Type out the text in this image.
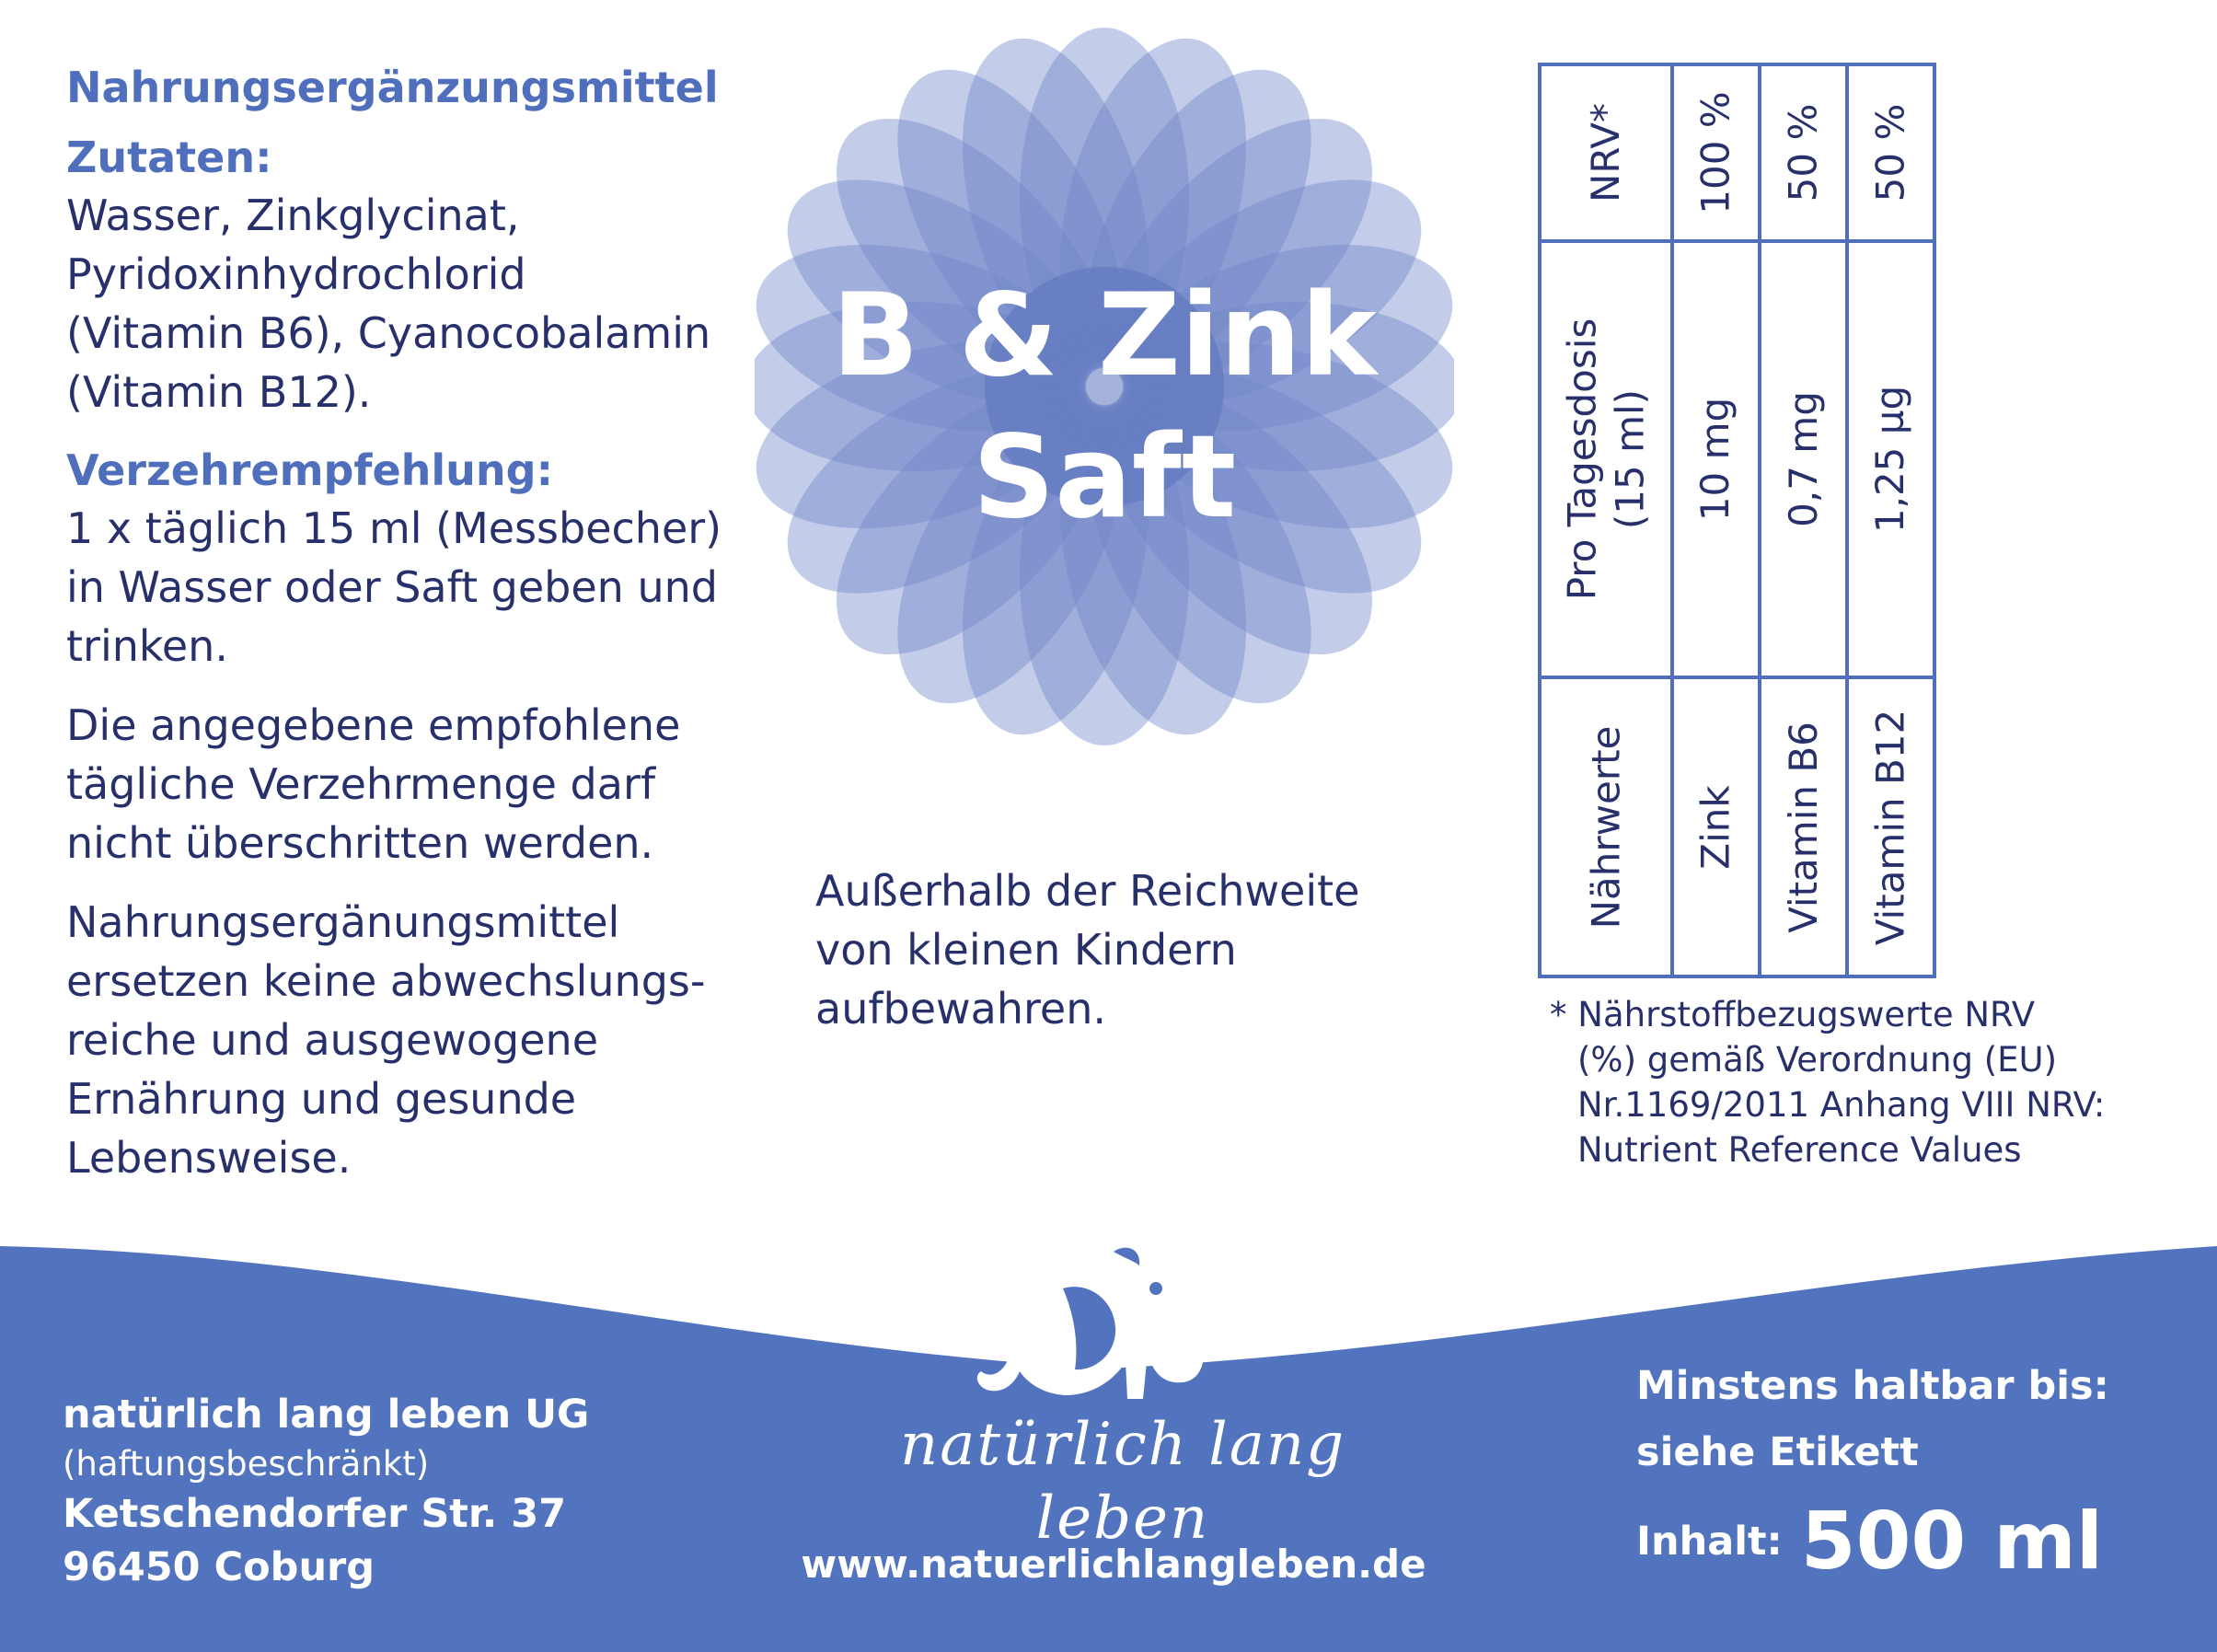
Nahrungsergänzungsmittel
Zutaten:
Wasser, Zinkglycinat,
Pyridoxinhydrochlorid
(Vitamin B6), Cyanocobalamin
(Vitamin B12).
Verzehrempfehlung:
1 x täglich 15 ml (Messbecher)
in Wasser oder Saft geben und
trinken.
Die angegebene empfohlene
tägliche Verzehrmenge darf
nicht überschritten werden.
Nahrungsergänungsmittel
ersetzen keine abwechslungs-
reiche und ausgewogene
Ernährung und gesunde
Lebensweise.
B & Zink
Saft
Außerhalb der Reichweite
von kleinen Kindern
aufbewahren.
NRV*
Pro Tagesdosis (15 ml)
Nährwerte
100 %
10 mg
Zink
50 %
0,7 mg
Vitamin B6
50 %
1,25 µg
Vitamin B12
* Nährstoffbezugswerte NRV
(%) gemäß Verordnung (EU)
Nr.1169/2011 Anhang VIII NRV:
Nutrient Reference Values
natürlich lang leben UG
(haftungsbeschränkt)
Ketschendorfer Str. 37
96450 Coburg
natürlich lang leben
www.natuerlichlangleben.de
Minstens haltbar bis:
siehe Etikett
Inhalt: 500 ml
